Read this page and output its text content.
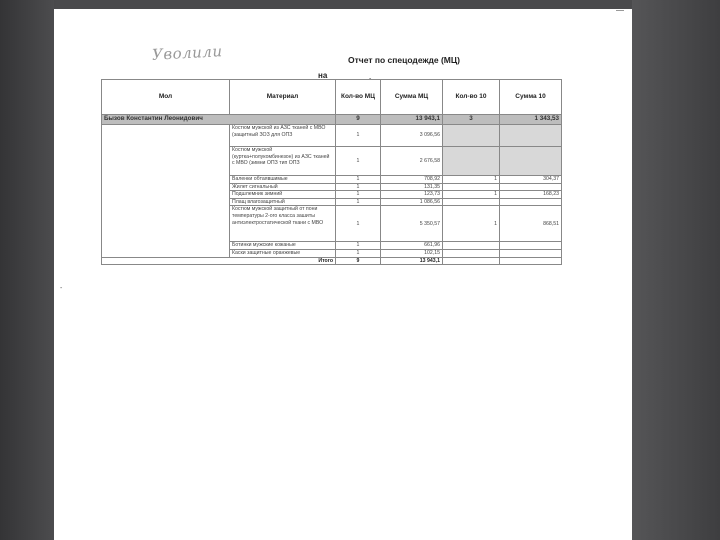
Уволили	Отчет по спецодежде (МЦ)
на	-
-
Мол	Материал	Кол-во МЦ	Сумма МЦ	Кол-во 10	Сумма 10
Бызов Константин Леонидович		9	13 943,1	3	1 343,53
	Костюм мужской из АЗС тканей с МВО (защитный ЗОЗ для ОПЗ	1	3 096,56		
	Костюм мужской (куртка+полукомбинезон) из АЗС тканей с МВО (зимни ОПЗ тип ОПЗ	1	2 676,58		
	Валенки обтаявшимые	1	708,92	1	304,37
	Жилет сигнальный	1	131,35		
	Подшлемник зимний	1	123,73	1	168,23
	Плащ влагозащитный	1	1 086,56		
	Костюм мужской защитный от пони температуры 2-ого класса зашиты антиэлектростатической ткани с МВО	1	5 350,57	1	868,51
	Ботинки мужские кожаные	1	661,96		
	Каски защитные оранжевые	1	102,15		
Итого		9	13 943,1		
